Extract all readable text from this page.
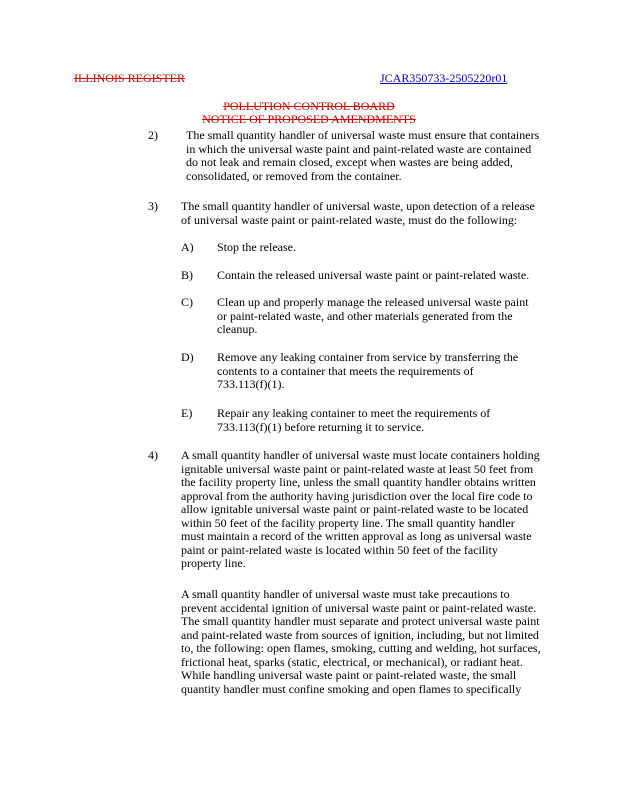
ILLINOIS REGISTER	JCAR350733-2505220r01
POLLUTION CONTROL BOARD
NOTICE OF PROPOSED AMENDMENTS
2) The small quantity handler of universal waste must ensure that containers
in which the universal waste paint and paint-related waste are contained
do not leak and remain closed, except when wastes are being added,
consolidated, or removed from the container.
3) The small quantity handler of universal waste, upon detection of a release
of universal waste paint or paint-related waste, must do the following:
A) Stop the release.
B) Contain the released universal waste paint or paint-related waste.
C) Clean up and properly manage the released universal waste paint
or paint-related waste, and other materials generated from the
cleanup.
D) Remove any leaking container from service by transferring the
contents to a container that meets the requirements of
733.113(f)(1).
E) Repair any leaking container to meet the requirements of
733.113(f)(1) before returning it to service.
4) A small quantity handler of universal waste must locate containers holding
ignitable universal waste paint or paint-related waste at least 50 feet from
the facility property line, unless the small quantity handler obtains written
approval from the authority having jurisdiction over the local fire code to
allow ignitable universal waste paint or paint-related waste to be located
within 50 feet of the facility property line. The small quantity handler
must maintain a record of the written approval as long as universal waste
paint or paint-related waste is located within 50 feet of the facility
property line.
A small quantity handler of universal waste must take precautions to
prevent accidental ignition of universal waste paint or paint-related waste.
The small quantity handler must separate and protect universal waste paint
and paint-related waste from sources of ignition, including, but not limited
to, the following: open flames, smoking, cutting and welding, hot surfaces,
frictional heat, sparks (static, electrical, or mechanical), or radiant heat.
While handling universal waste paint or paint-related waste, the small
quantity handler must confine smoking and open flames to specifically
